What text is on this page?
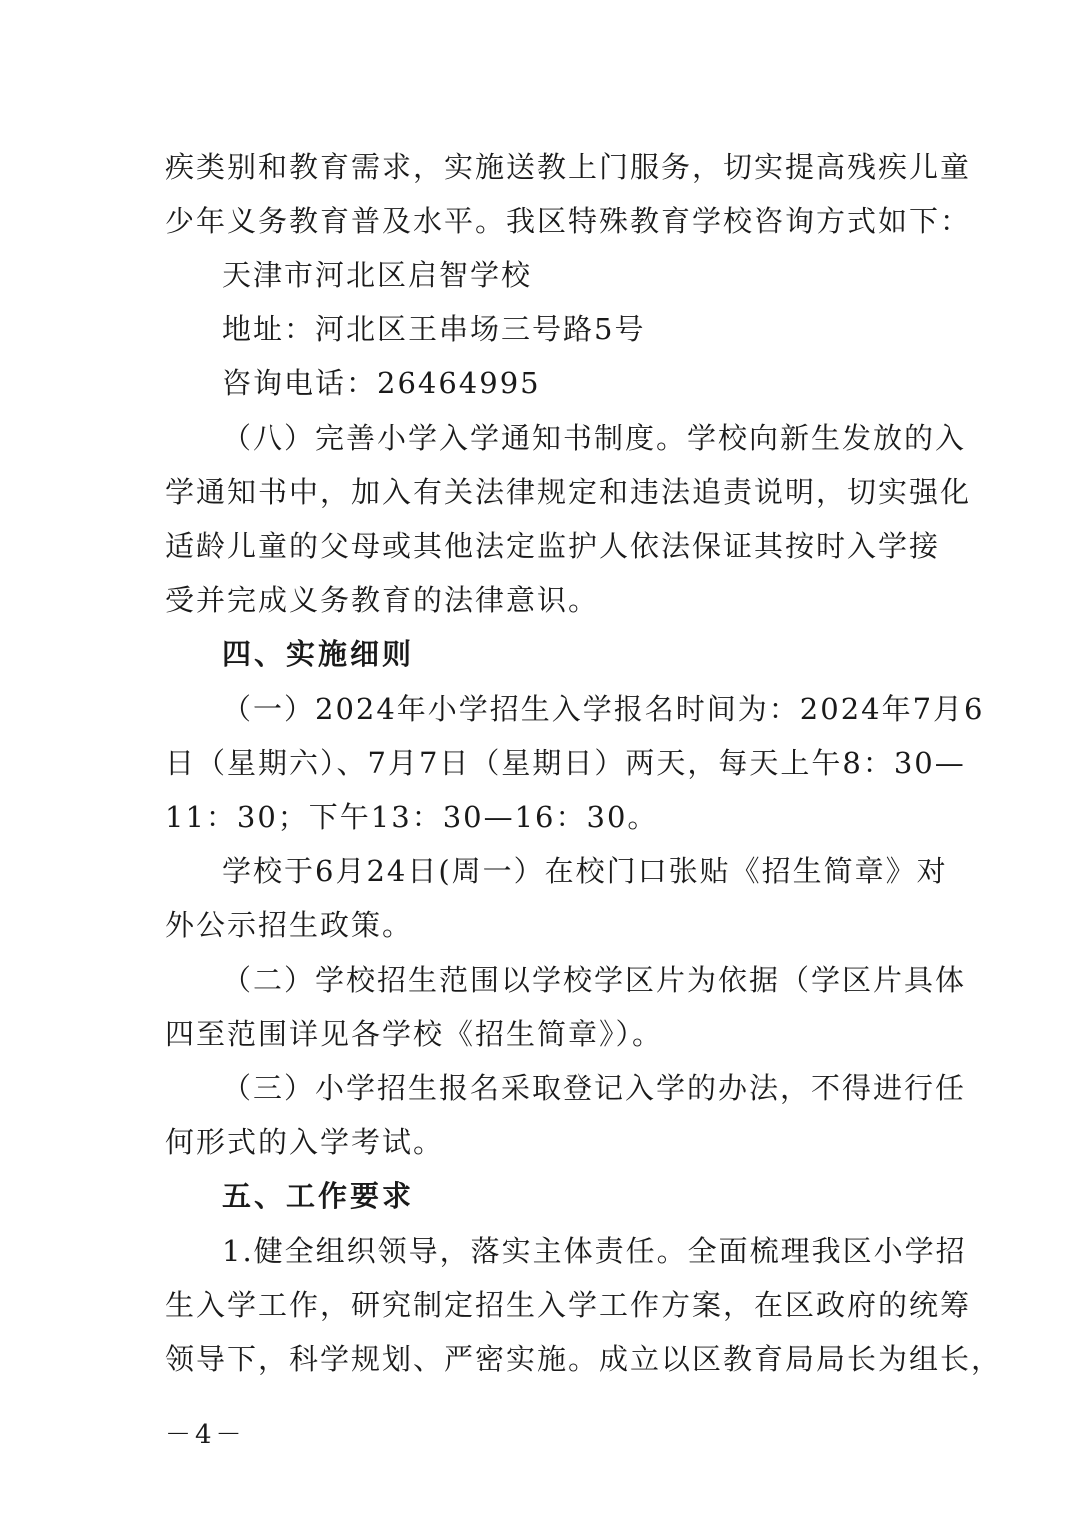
疾类别和教育需求，实施送教上门服务，切实提高残疾儿童
少年义务教育普及水平。我区特殊教育学校咨询方式如下：
天津市河北区启智学校
地址：河北区王串场三号路5号
咨询电话：26464995
（八）完善小学入学通知书制度。学校向新生发放的入
学通知书中，加入有关法律规定和违法追责说明，切实强化
适龄儿童的父母或其他法定监护人依法保证其按时入学接
受并完成义务教育的法律意识。
四、实施细则
（一）2024年小学招生入学报名时间为：2024年7月6
日（星期六）、7月7日（星期日）两天，每天上午8：30—
11：30；下午13：30—16：30。
学校于6月24日(周一）在校门口张贴《招生简章》对
外公示招生政策。
（二）学校招生范围以学校学区片为依据（学区片具体
四至范围详见各学校《招生简章》）。
（三）小学招生报名采取登记入学的办法，不得进行任
何形式的入学考试。
五、工作要求
1.健全组织领导，落实主体责任。全面梳理我区小学招
生入学工作，研究制定招生入学工作方案，在区政府的统筹
领导下，科学规划、严密实施。成立以区教育局局长为组长，
－4－
